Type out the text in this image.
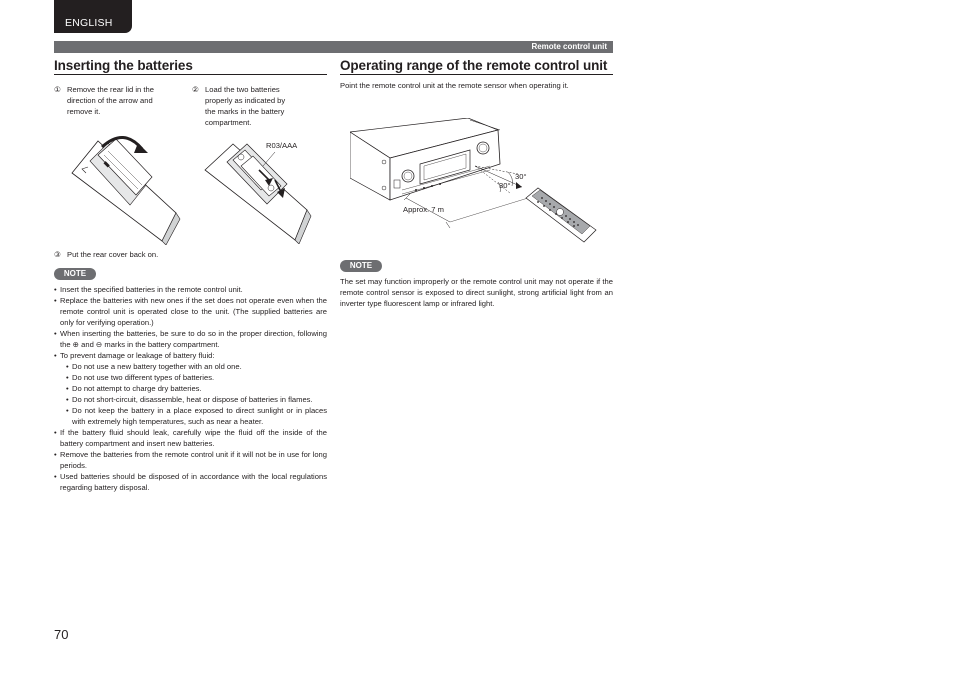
ENGLISH
Remote control unit
Inserting the batteries
① Remove the rear lid in the
direction of the arrow and
remove it.
② Load the two batteries
properly as indicated by
the marks in the battery
compartment.
R03/AAA
③ Put the rear cover back on.
NOTE
• Insert the specified batteries in the remote control unit.
• Replace the batteries with new ones if the set does not operate even when the remote control unit is operated close to the unit. (The supplied batteries are only for verifying operation.)
• When inserting the batteries, be sure to do so in the proper direction, following the ⊕ and ⊖ marks in the battery compartment.
• To prevent damage or leakage of battery fluid:
• Do not use a new battery together with an old one.
• Do not use two different types of batteries.
• Do not attempt to charge dry batteries.
• Do not short-circuit, disassemble, heat or dispose of batteries in flames.
• Do not keep the battery in a place exposed to direct sunlight or in places with extremely high temperatures, such as near a heater.
• If the battery fluid should leak, carefully wipe the fluid off the inside of the battery compartment and insert new batteries.
• Remove the batteries from the remote control unit if it will not be in use for long periods.
• Used batteries should be disposed of in accordance with the local regulations regarding battery disposal.
Operating range of the remote control unit
Point the remote control unit at the remote sensor when operating it.
30°
30°
Approx. 7 m
NOTE
The set may function improperly or the remote control unit may not operate if the remote control sensor is exposed to direct sunlight, strong artificial light from an inverter type fluorescent lamp or infrared light.
70
